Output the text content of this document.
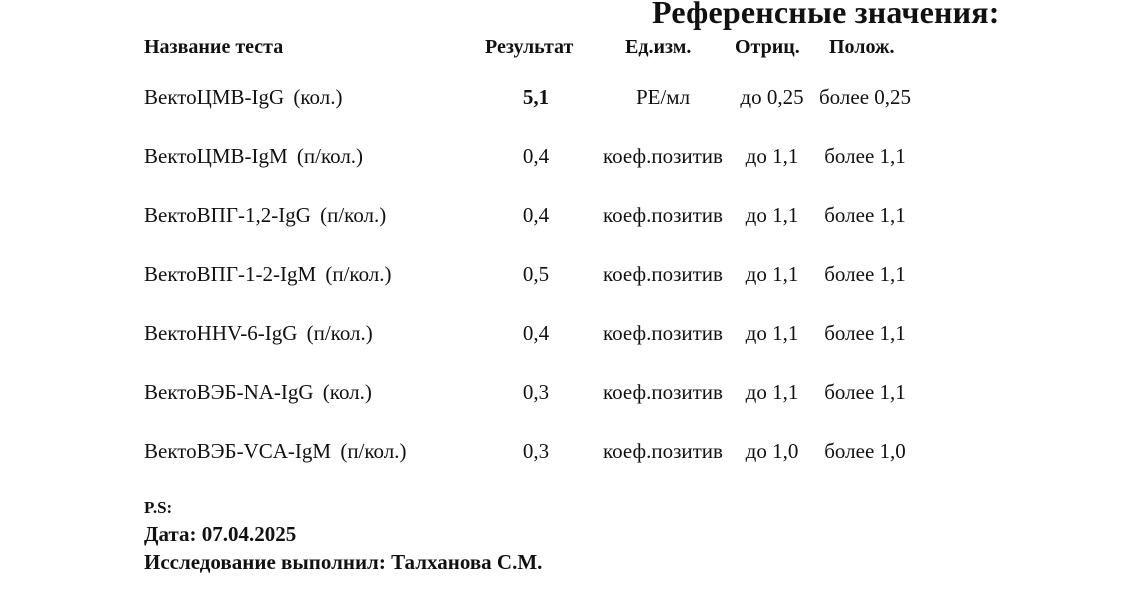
Референсные значения:
Название теста	Результат	Ед.изм. Отриц. Полож.
ВектоЦМВ-IgG (кол.)	5,1	РЕ/мл	до 0,25 более 0,25
ВектоЦМВ-IgM (п/кол.)	0,4	коеф.позитив	до 1,1	более 1,1
ВектоВПГ-1,2-IgG (п/кол.)	0,4	коеф.позитив	до 1,1	более 1,1
ВектоВПГ-1-2-IgM (п/кол.)	0,5	коеф.позитив	до 1,1	более 1,1
ВектоHHV-6-IgG (п/кол.)	0,4	коеф.позитив	до 1,1	более 1,1
ВектоВЭБ-NA-IgG (кол.)	0,3	коеф.позитив	до 1,1	более 1,1
ВектоВЭБ-VCA-IgM (п/кол.)	0,3	коеф.позитив	до 1,0	более 1,0
P.S:
Дата: 07.04.2025
Исследование выполнил: Талханова С.М.
